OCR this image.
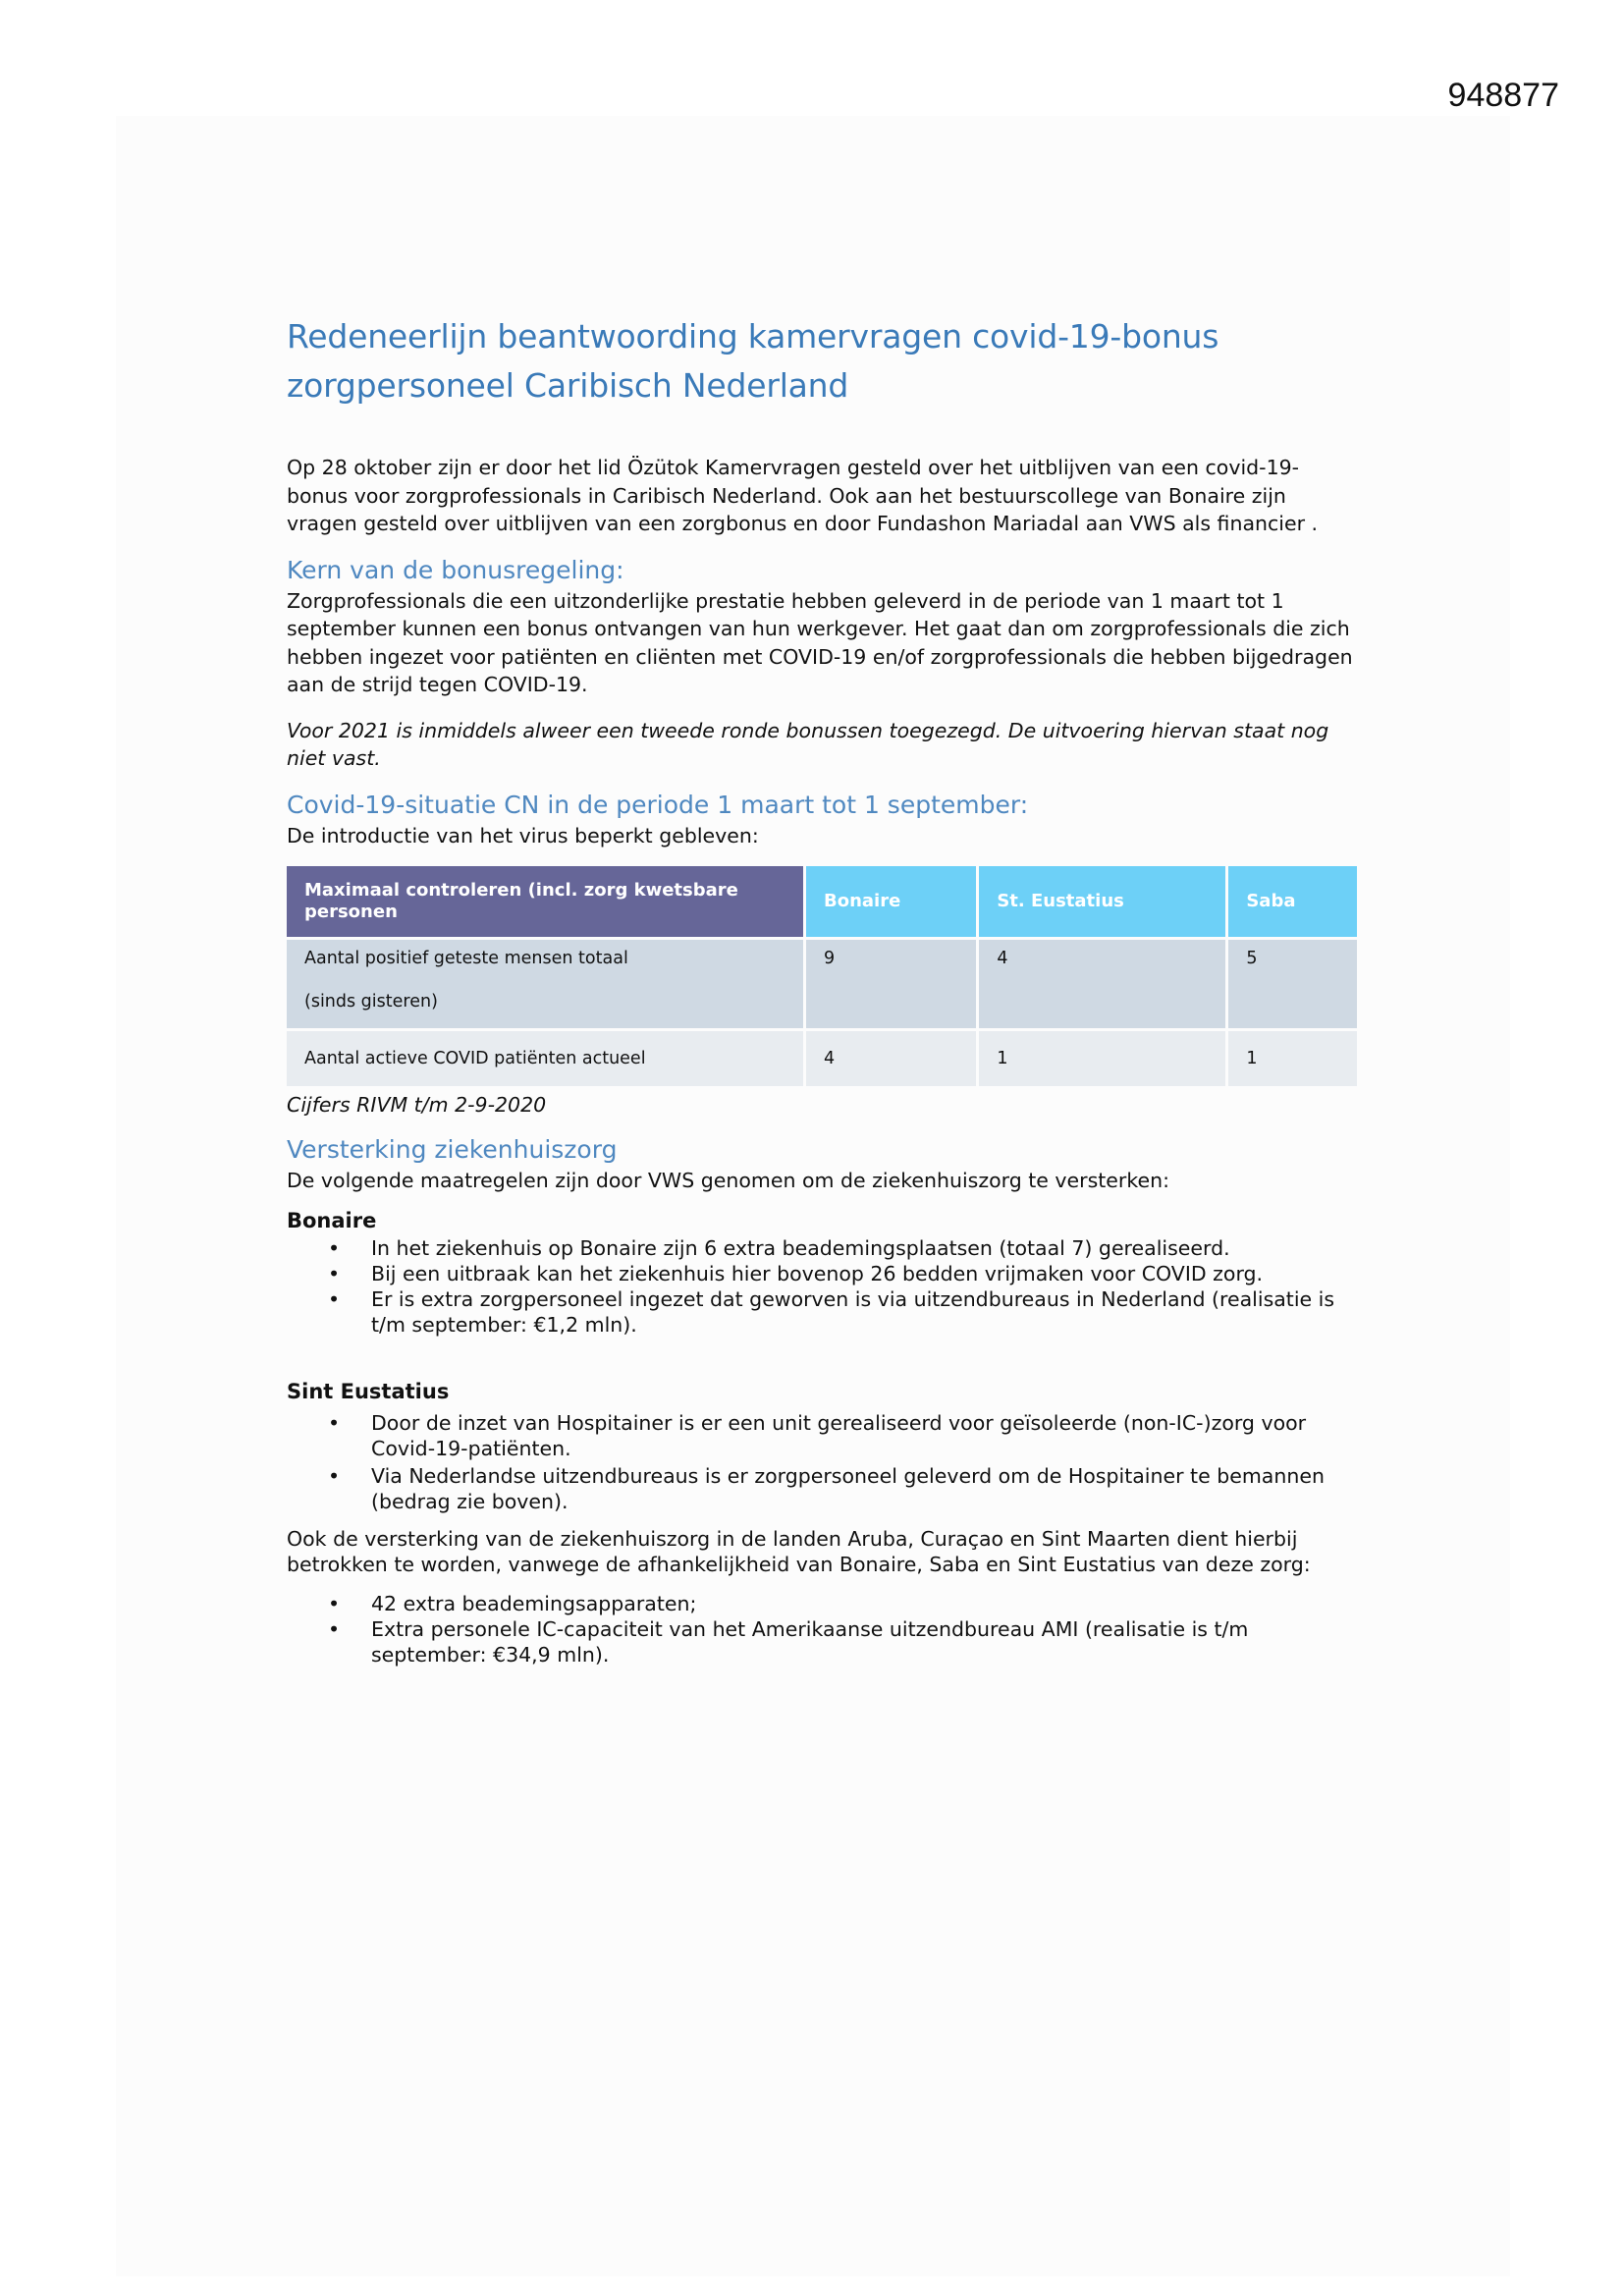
948877
Redeneerlijn beantwoording kamervragen covid-19-bonus
zorgpersoneel Caribisch Nederland

Op 28 oktober zijn er door het lid Özütok Kamervragen gesteld over het uitblijven van een covid-19-bonus voor zorgprofessionals in Caribisch Nederland. Ook aan het bestuurscollege van Bonaire zijn vragen gesteld over uitblijven van een zorgbonus en door Fundashon Mariadal aan VWS als financier .

Kern van de bonusregeling:

Zorgprofessionals die een uitzonderlijke prestatie hebben geleverd in de periode van 1 maart tot 1 september kunnen een bonus ontvangen van hun werkgever. Het gaat dan om zorgprofessionals die zich hebben ingezet voor patiënten en cliënten met COVID-19 en/of zorgprofessionals die hebben bijgedragen aan de strijd tegen COVID-19.

Voor 2021 is inmiddels alweer een tweede ronde bonussen toegezegd. De uitvoering hiervan staat nog niet vast.

Covid-19-situatie CN in de periode 1 maart tot 1 september:

De introductie van het virus beperkt gebleven:

Maximaal controleren (incl. zorg kwetsbare personen	Bonaire	St. Eustatius	Saba
Aantal positief geteste mensen totaal
(sinds gisteren)	9	4	5
Aantal actieve COVID patiënten actueel	4	1	1

Cijfers RIVM t/m 2-9-2020

Versterking ziekenhuiszorg

De volgende maatregelen zijn door VWS genomen om de ziekenhuiszorg te versterken:

Bonaire

• In het ziekenhuis op Bonaire zijn 6 extra beademingsplaatsen (totaal 7) gerealiseerd.
• Bij een uitbraak kan het ziekenhuis hier bovenop 26 bedden vrijmaken voor COVID zorg.
• Er is extra zorgpersoneel ingezet dat geworven is via uitzendbureaus in Nederland (realisatie is t/m september: €1,2 mln).

Sint Eustatius

• Door de inzet van Hospitainer is er een unit gerealiseerd voor geïsoleerde (non-IC-)zorg voor Covid-19-patiënten.
• Via Nederlandse uitzendbureaus is er zorgpersoneel geleverd om de Hospitainer te bemannen (bedrag zie boven).

Ook de versterking van de ziekenhuiszorg in de landen Aruba, Curaçao en Sint Maarten dient hierbij betrokken te worden, vanwege de afhankelijkheid van Bonaire, Saba en Sint Eustatius van deze zorg:

• 42 extra beademingsapparaten;
• Extra personele IC-capaciteit van het Amerikaanse uitzendbureau AMI (realisatie is t/m september: €34,9 mln).
